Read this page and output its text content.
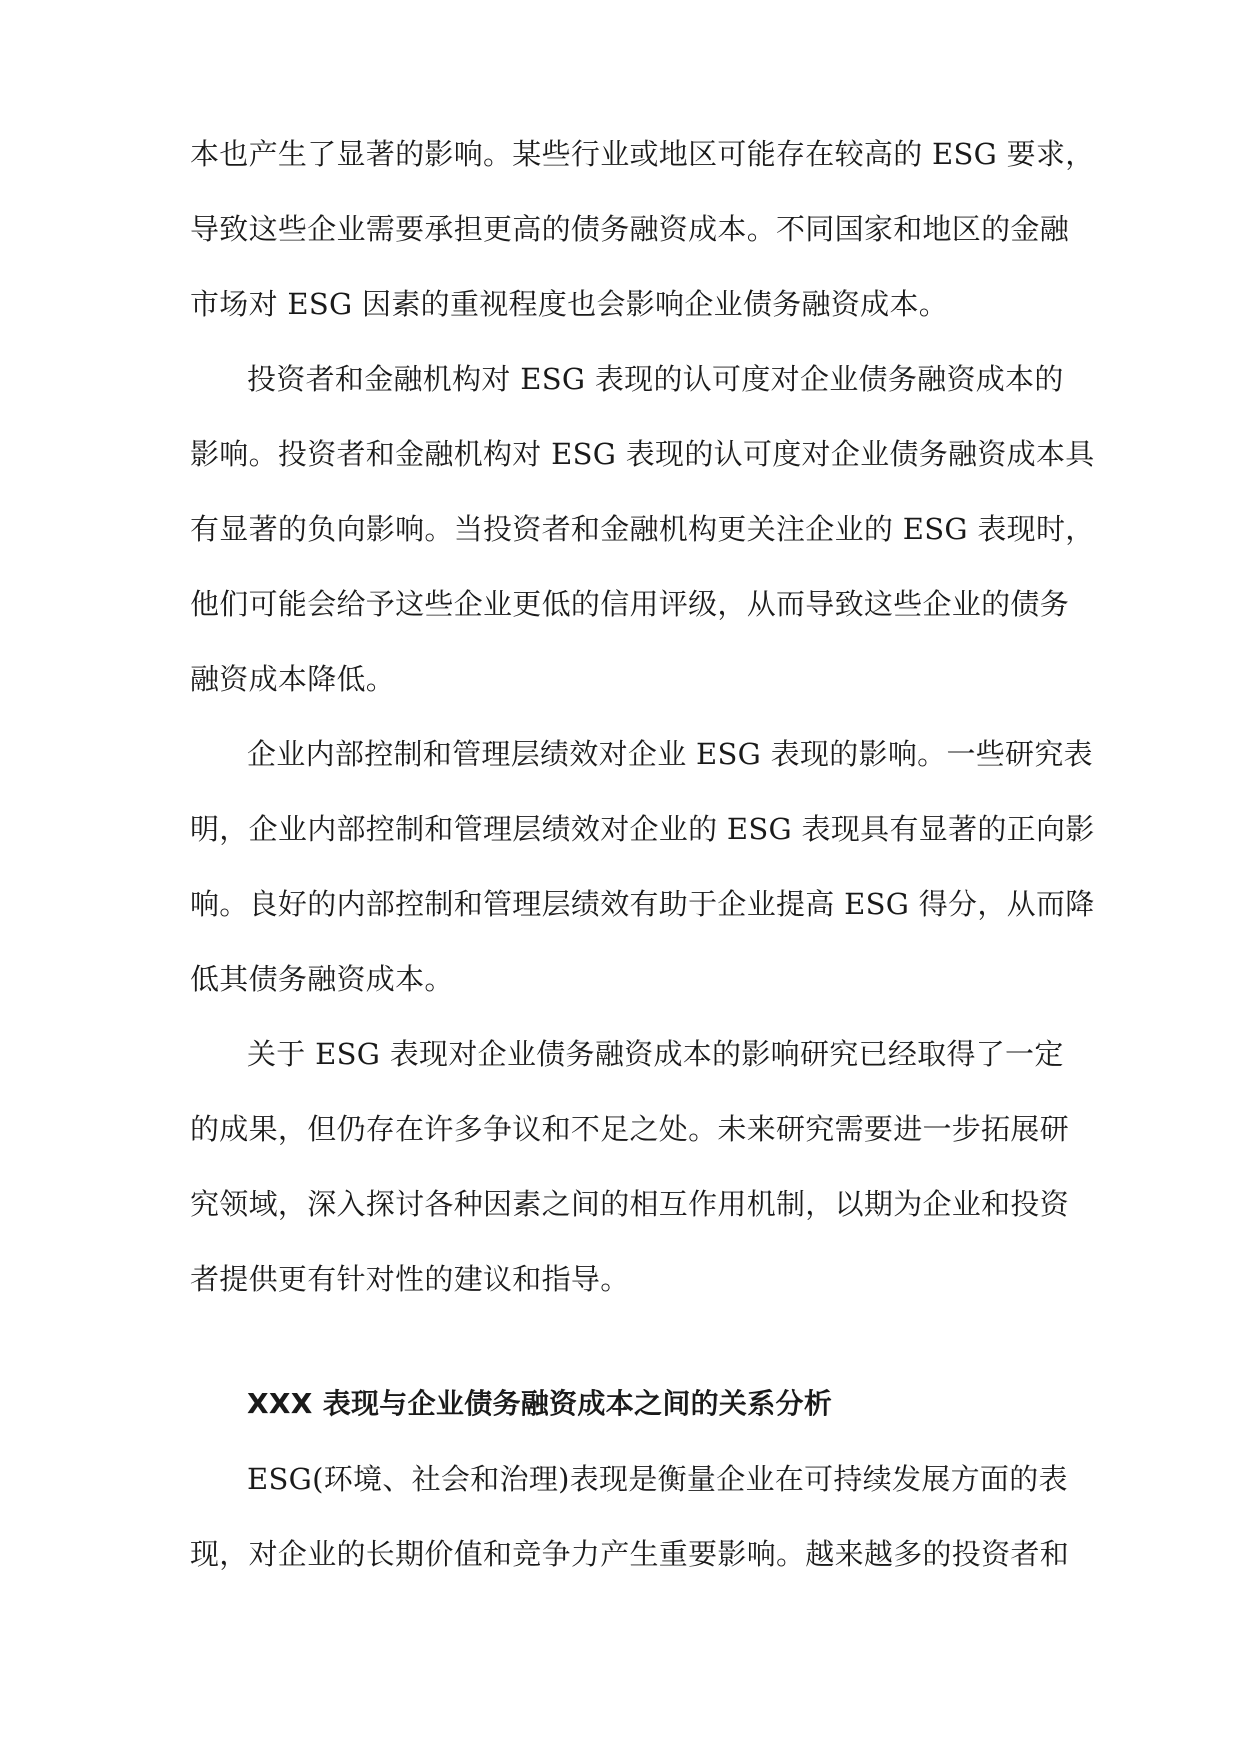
本也产生了显著的影响。某些行业或地区可能存在较高的 ESG 要求，
导致这些企业需要承担更高的债务融资成本。不同国家和地区的金融
市场对 ESG 因素的重视程度也会影响企业债务融资成本。
投资者和金融机构对 ESG 表现的认可度对企业债务融资成本的
影响。投资者和金融机构对 ESG 表现的认可度对企业债务融资成本具
有显著的负向影响。当投资者和金融机构更关注企业的 ESG 表现时，
他们可能会给予这些企业更低的信用评级，从而导致这些企业的债务
融资成本降低。
企业内部控制和管理层绩效对企业 ESG 表现的影响。一些研究表
明，企业内部控制和管理层绩效对企业的 ESG 表现具有显著的正向影
响。良好的内部控制和管理层绩效有助于企业提高 ESG 得分，从而降
低其债务融资成本。
关于 ESG 表现对企业债务融资成本的影响研究已经取得了一定
的成果，但仍存在许多争议和不足之处。未来研究需要进一步拓展研
究领域，深入探讨各种因素之间的相互作用机制，以期为企业和投资
者提供更有针对性的建议和指导。
XXX 表现与企业债务融资成本之间的关系分析
ESG(环境、社会和治理)表现是衡量企业在可持续发展方面的表
现，对企业的长期价值和竞争力产生重要影响。越来越多的投资者和
